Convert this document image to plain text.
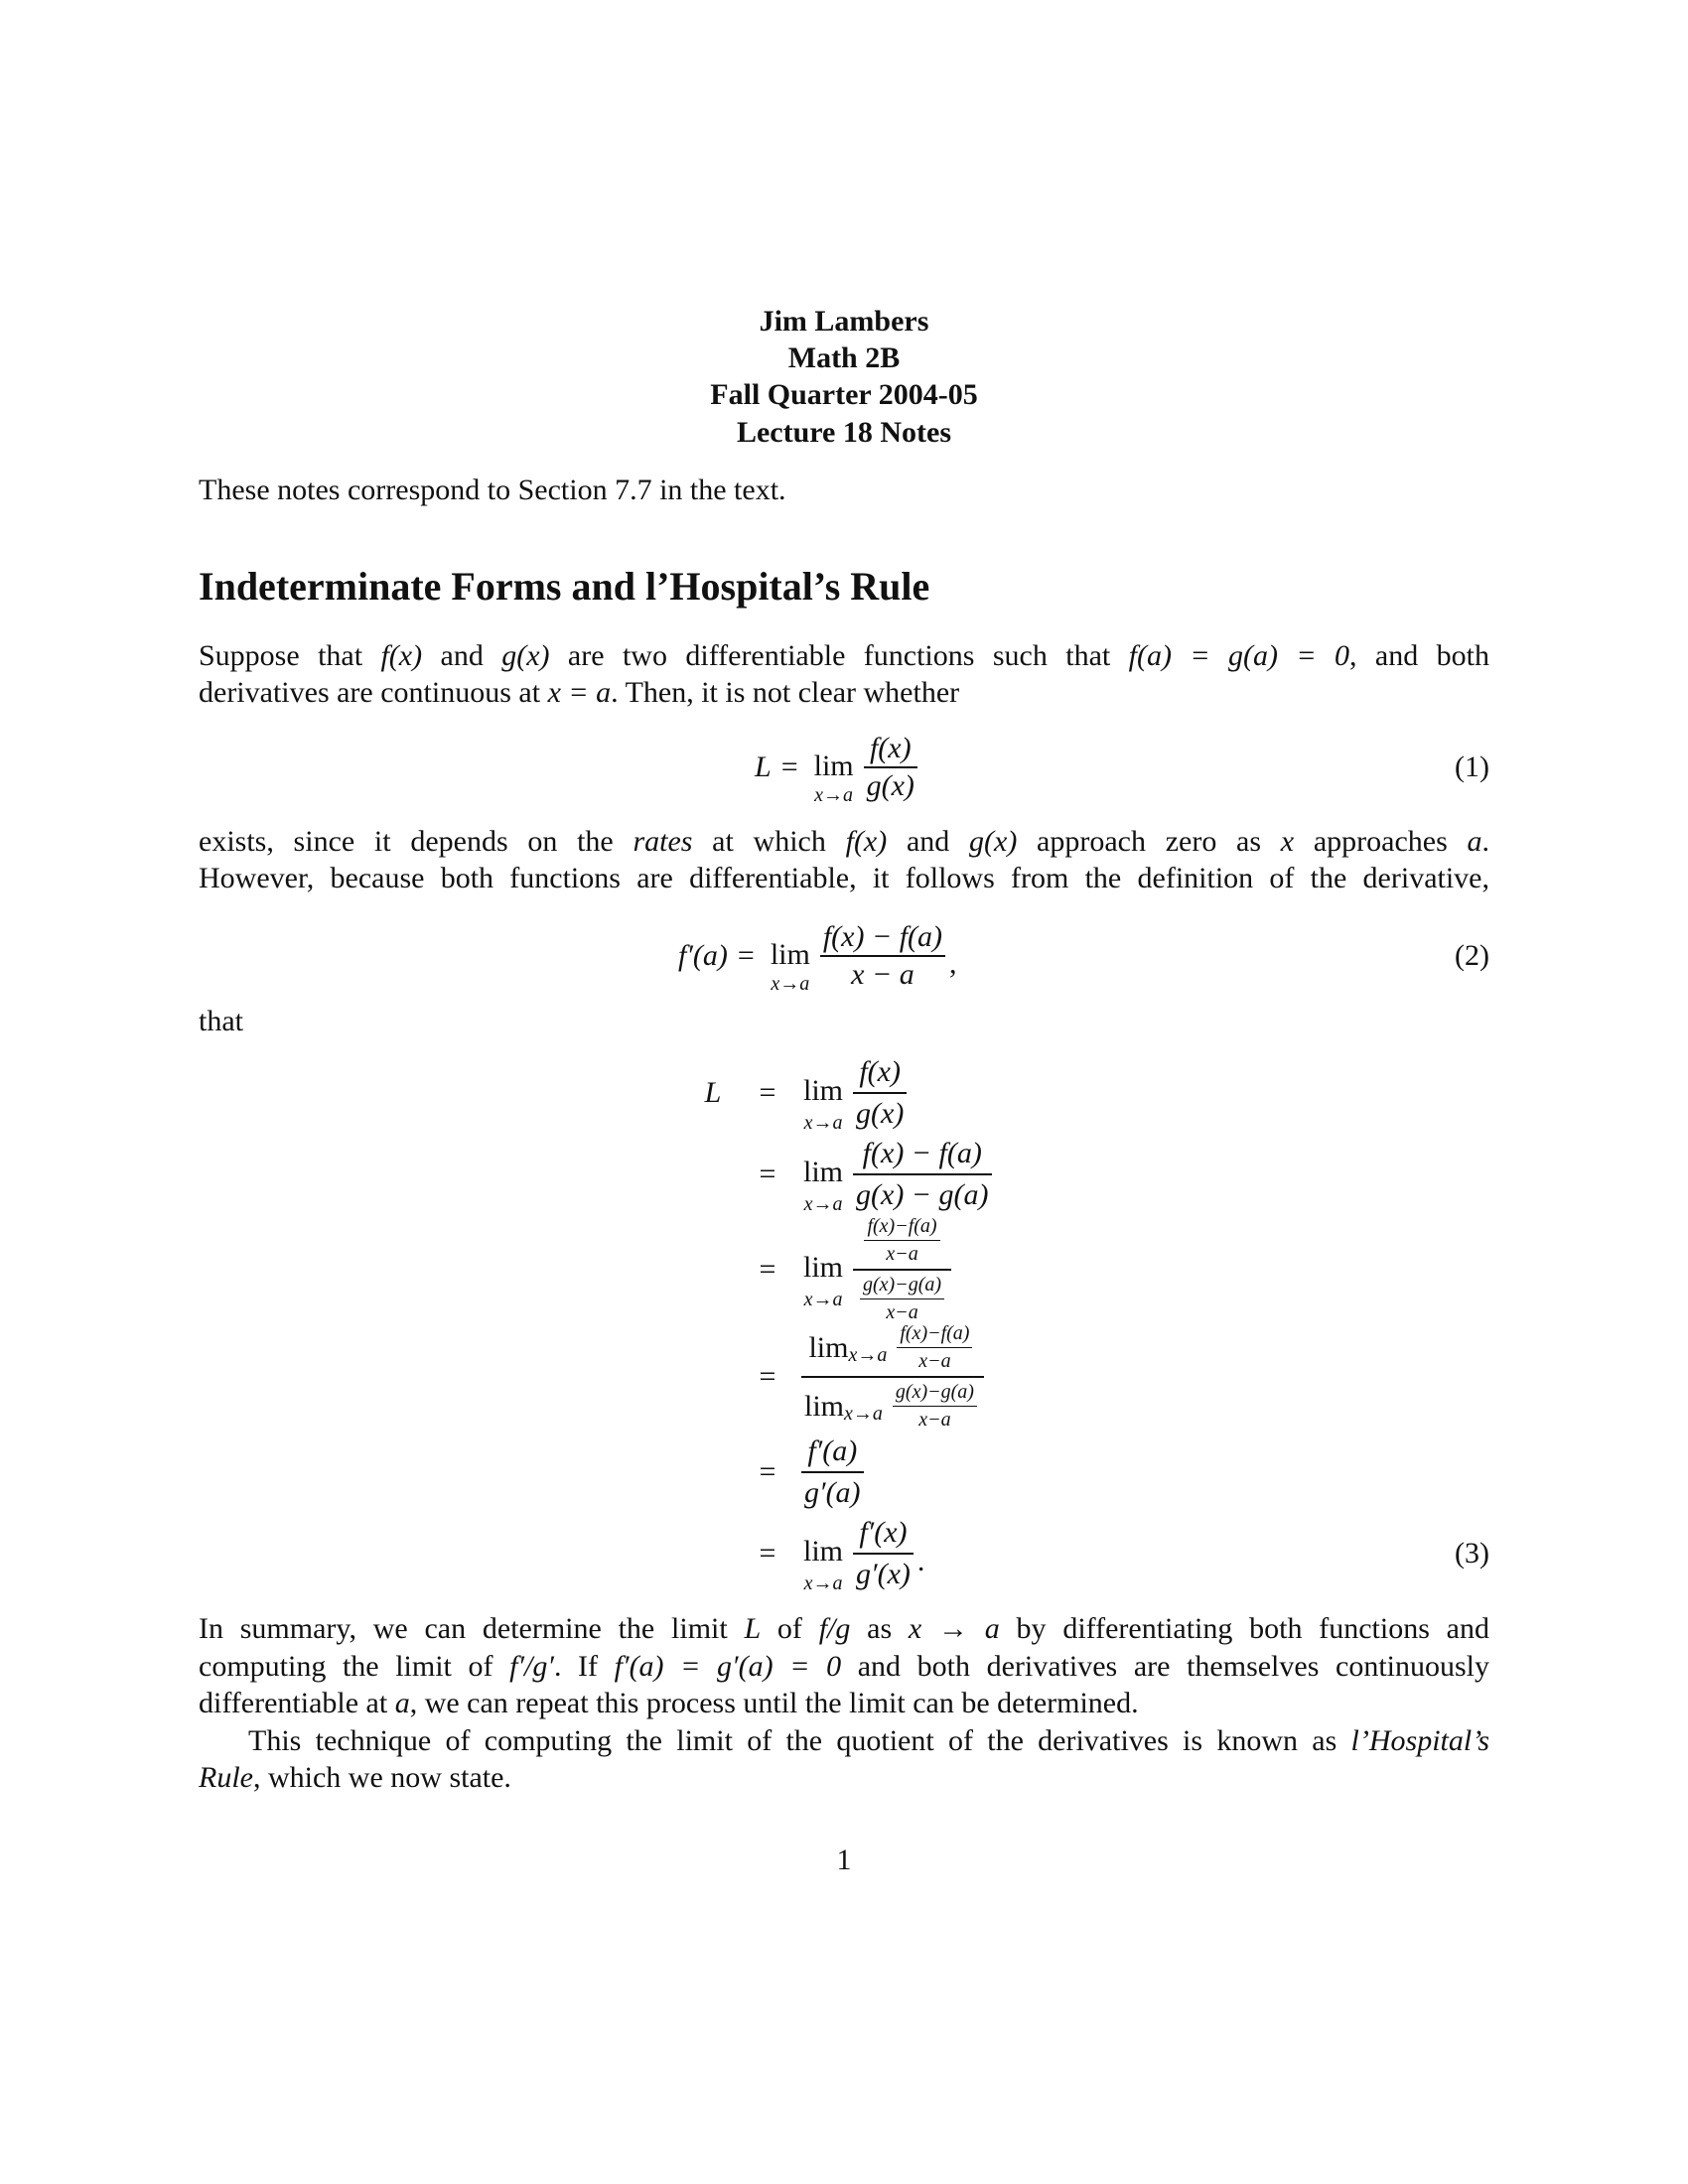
Jim Lambers
Math 2B
Fall Quarter 2004-05
Lecture 18 Notes
These notes correspond to Section 7.7 in the text.
Indeterminate Forms and l’Hospital’s Rule
Suppose that f(x) and g(x) are two differentiable functions such that f(a) = g(a) = 0, and both
derivatives are continuous at x = a. Then, it is not clear whether
L = lim
$x\to a \frac{f(x)}{g(x)}$	(1)
exists, since it depends on the rates at which f(x) and g(x) approach zero as x approaches a.
However, because both functions are differentiable, it follows from the definition of the derivative,
f′(a) = lim
$x\to a \frac{f(x) - f(a)}{x - a}$ ,	(2)
that
L	= lim
$x\to a \frac{f(x)}{g(x)}$
= lim
$x\to a \frac{f(x) - f(a)}{g(x) - g(a)}$
= lim
$x\to a \frac{\frac{f(x)-f(a)}{x-a}}{\frac{g(x)-g(a)}{x-a}}$
= $\frac{\lim x\to a \frac{f(x)-f(a)}{x-a}}{\lim x\to a \frac{g(x)-g(a)}{x-a}}$
= $\frac{f'(a)}{g'(a)}$
= lim
$x\to a \frac{f'(x)}{g'(x)}$ .	(3)
In summary, we can determine the limit L of f/g as x → a by differentiating both functions and
computing the limit of f′/g′. If f′(a) = g′(a) = 0 and both derivatives are themselves continuously
differentiable at a, we can repeat this process until the limit can be determined.
This technique of computing the limit of the quotient of the derivatives is known as l’Hospital’s
Rule, which we now state.
1
